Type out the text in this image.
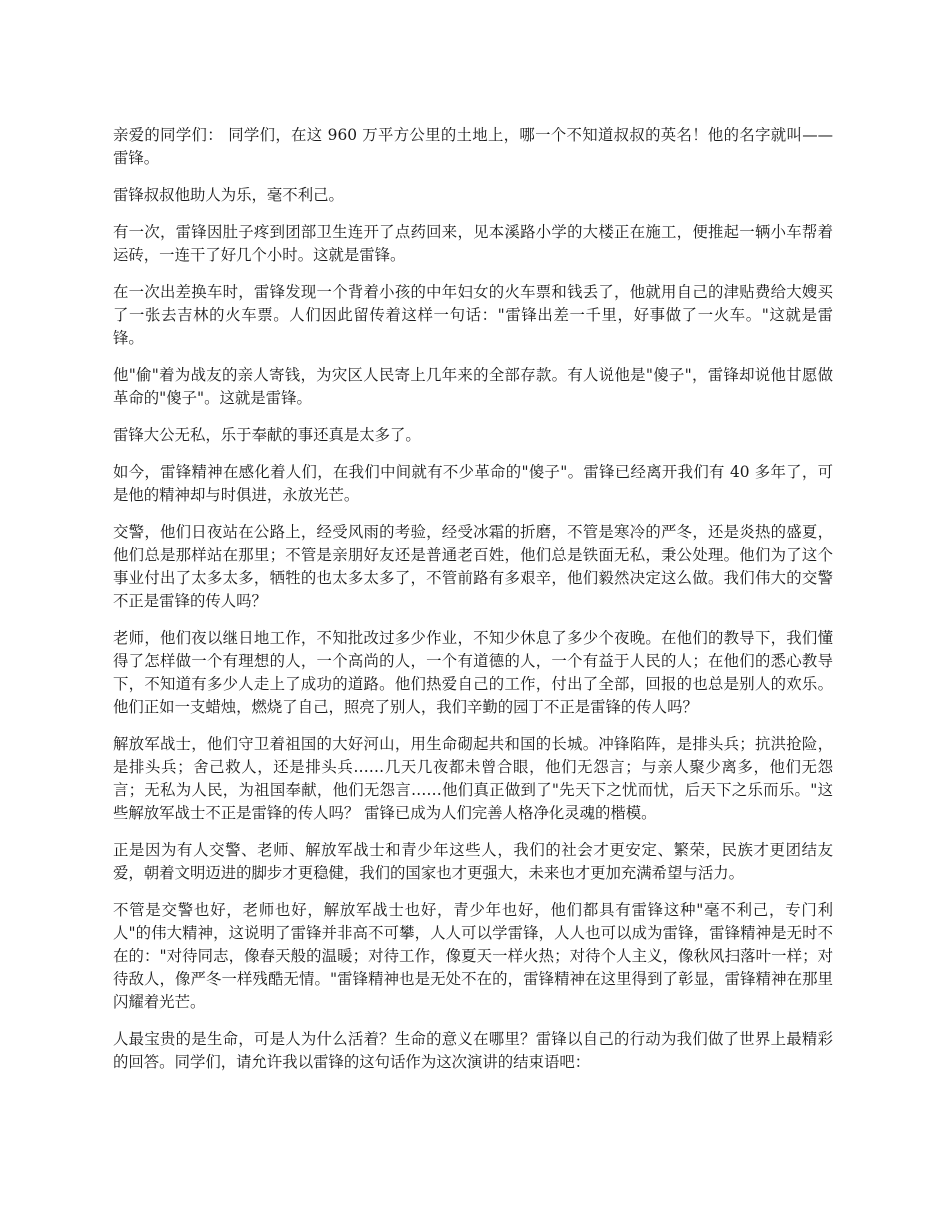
亲爱的同学们： 同学们，在这 960 万平方公里的土地上，哪一个不知道叔叔的英名！他的名字就叫——雷锋。

雷锋叔叔他助人为乐，毫不利己。

有一次，雷锋因肚子疼到团部卫生连开了点药回来，见本溪路小学的大楼正在施工，便推起一辆小车帮着运砖，一连干了好几个小时。这就是雷锋。

在一次出差换车时，雷锋发现一个背着小孩的中年妇女的火车票和钱丢了，他就用自己的津贴费给大嫂买了一张去吉林的火车票。人们因此留传着这样一句话："雷锋出差一千里，好事做了一火车。"这就是雷锋。

他"偷"着为战友的亲人寄钱，为灾区人民寄上几年来的全部存款。有人说他是"傻子"，雷锋却说他甘愿做革命的"傻子"。这就是雷锋。

雷锋大公无私，乐于奉献的事还真是太多了。

如今，雷锋精神在感化着人们，在我们中间就有不少革命的"傻子"。雷锋已经离开我们有 40 多年了，可是他的精神却与时俱进，永放光芒。

交警，他们日夜站在公路上，经受风雨的考验，经受冰霜的折磨，不管是寒冷的严冬，还是炎热的盛夏，他们总是那样站在那里；不管是亲朋好友还是普通老百姓，他们总是铁面无私，秉公处理。他们为了这个事业付出了太多太多，牺牲的也太多太多了，不管前路有多艰辛，他们毅然决定这么做。我们伟大的交警不正是雷锋的传人吗？

老师，他们夜以继日地工作，不知批改过多少作业，不知少休息了多少个夜晚。在他们的教导下，我们懂得了怎样做一个有理想的人，一个高尚的人，一个有道德的人，一个有益于人民的人；在他们的悉心教导下，不知道有多少人走上了成功的道路。他们热爱自己的工作，付出了全部，回报的也总是别人的欢乐。他们正如一支蜡烛，燃烧了自己，照亮了别人，我们辛勤的园丁不正是雷锋的传人吗？

解放军战士，他们守卫着祖国的大好河山，用生命砌起共和国的长城。冲锋陷阵，是排头兵；抗洪抢险，是排头兵；舍己救人，还是排头兵……几天几夜都未曾合眼，他们无怨言；与亲人聚少离多，他们无怨言；无私为人民，为祖国奉献，他们无怨言……他们真正做到了"先天下之忧而忧，后天下之乐而乐。"这些解放军战士不正是雷锋的传人吗？ 雷锋已成为人们完善人格净化灵魂的楷模。

正是因为有人交警、老师、解放军战士和青少年这些人，我们的社会才更安定、繁荣，民族才更团结友爱，朝着文明迈进的脚步才更稳健，我们的国家也才更强大，未来也才更加充满希望与活力。

不管是交警也好，老师也好，解放军战士也好，青少年也好，他们都具有雷锋这种"毫不利己，专门利人"的伟大精神，这说明了雷锋并非高不可攀，人人可以学雷锋，人人也可以成为雷锋，雷锋精神是无时不在的："对待同志，像春天般的温暖；对待工作，像夏天一样火热；对待个人主义，像秋风扫落叶一样；对待敌人，像严冬一样残酷无情。"雷锋精神也是无处不在的，雷锋精神在这里得到了彰显，雷锋精神在那里闪耀着光芒。

人最宝贵的是生命，可是人为什么活着？生命的意义在哪里？雷锋以自己的行动为我们做了世界上最精彩的回答。同学们，请允许我以雷锋的这句话作为这次演讲的结束语吧：
